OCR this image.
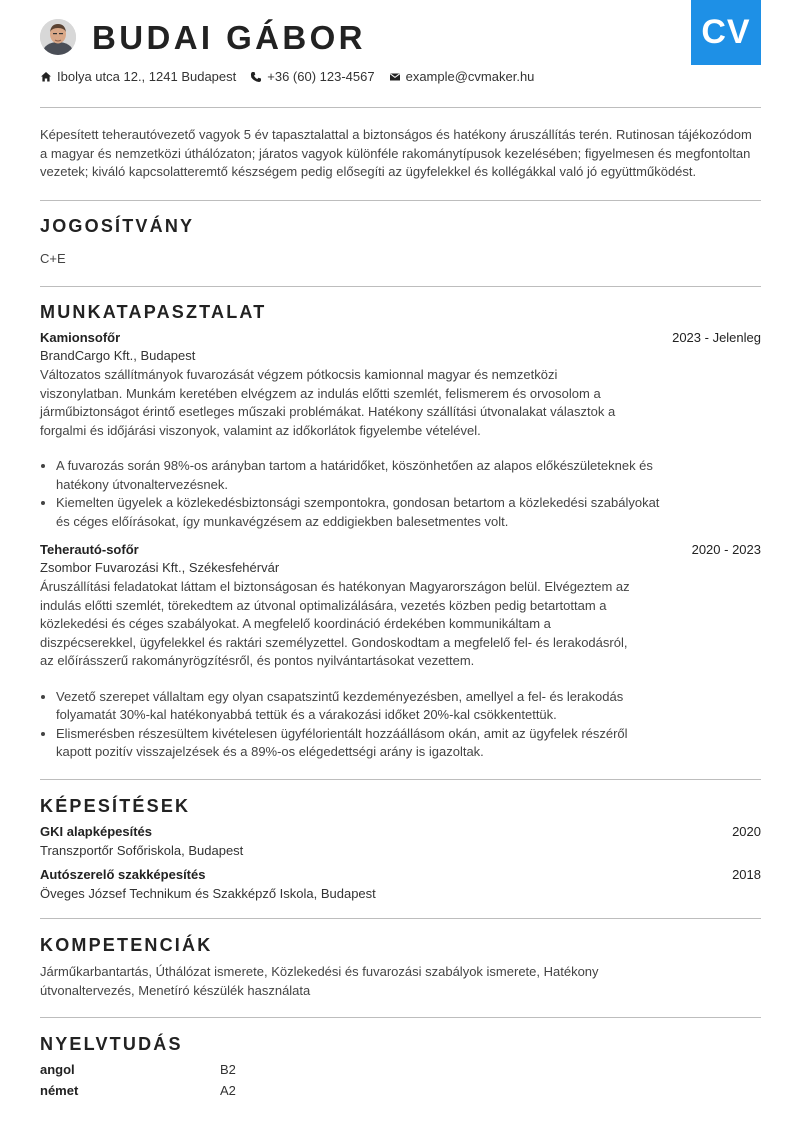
CV
BUDAI GÁBOR
Ibolya utca 12., 1241 Budapest +36 (60) 123-4567 example@cvmaker.hu
Képesített teherautóvezető vagyok 5 év tapasztalattal a biztonságos és hatékony áruszállítás terén. Rutinosan tájékozódom a magyar és nemzetközi úthálózaton; járatos vagyok különféle rakománytípusok kezelésében; figyelmesen és megfontoltan vezetek; kiváló kapcsolatteremtő készségem pedig elősegíti az ügyfelekkel és kollégákkal való jó együttműködést.
JOGOSÍTVÁNY
C+E
MUNKATAPASZTALAT
Kamionsofőr	2023 - Jelenleg
BrandCargo Kft., Budapest
Változatos szállítmányok fuvarozását végzem pótkocsis kamionnal magyar és nemzetközi viszonylatban. Munkám keretében elvégzem az indulás előtti szemlét, felismerem és orvosolom a járműbiztonságot érintő esetleges műszaki problémákat. Hatékony szállítási útvonalakat választok a forgalmi és időjárási viszonyok, valamint az időkorlátok figyelembe vételével.
• A fuvarozás során 98%-os arányban tartom a határidőket, köszönhetően az alapos előkészületeknek és hatékony útvonaltervezésnek.
• Kiemelten ügyelek a közlekedésbiztonsági szempontokra, gondosan betartom a közlekedési szabályokat és céges előírásokat, így munkavégzésem az eddigiekben balesetmentes volt.
Teherautó-sofőr	2020 - 2023
Zsombor Fuvarozási Kft., Székesfehérvár
Áruszállítási feladatokat láttam el biztonságosan és hatékonyan Magyarországon belül. Elvégeztem az indulás előtti szemlét, törekedtem az útvonal optimalizálására, vezetés közben pedig betartottam a közlekedési és céges szabályokat. A megfelelő koordináció érdekében kommunikáltam a diszpécserekkel, ügyfelekkel és raktári személyzettel. Gondoskodtam a megfelelő fel- és lerakodásról, az előírásszerű rakományrögzítésről, és pontos nyilvántartásokat vezettem.
• Vezető szerepet vállaltam egy olyan csapatszintű kezdeményezésben, amellyel a fel- és lerakodás folyamatát 30%-kal hatékonyabbá tettük és a várakozási időket 20%-kal csökkentettük.
• Elismerésben részesültem kivételesen ügyfélorientált hozzáállásom okán, amit az ügyfelek részéről kapott pozitív visszajelzések és a 89%-os elégedettségi arány is igazoltak.
KÉPESÍTÉSEK
GKI alapképesítés	2020
Transzportőr Sofőriskola, Budapest
Autószerelő szakképesítés	2018
Öveges József Technikum és Szakképző Iskola, Budapest
KOMPETENCIÁK
Járműkarbantartás, Úthálózat ismerete, Közlekedési és fuvarozási szabályok ismerete, Hatékony útvonaltervezés, Menetíró készülék használata
NYELVTUDÁS
angol	B2
német	A2
